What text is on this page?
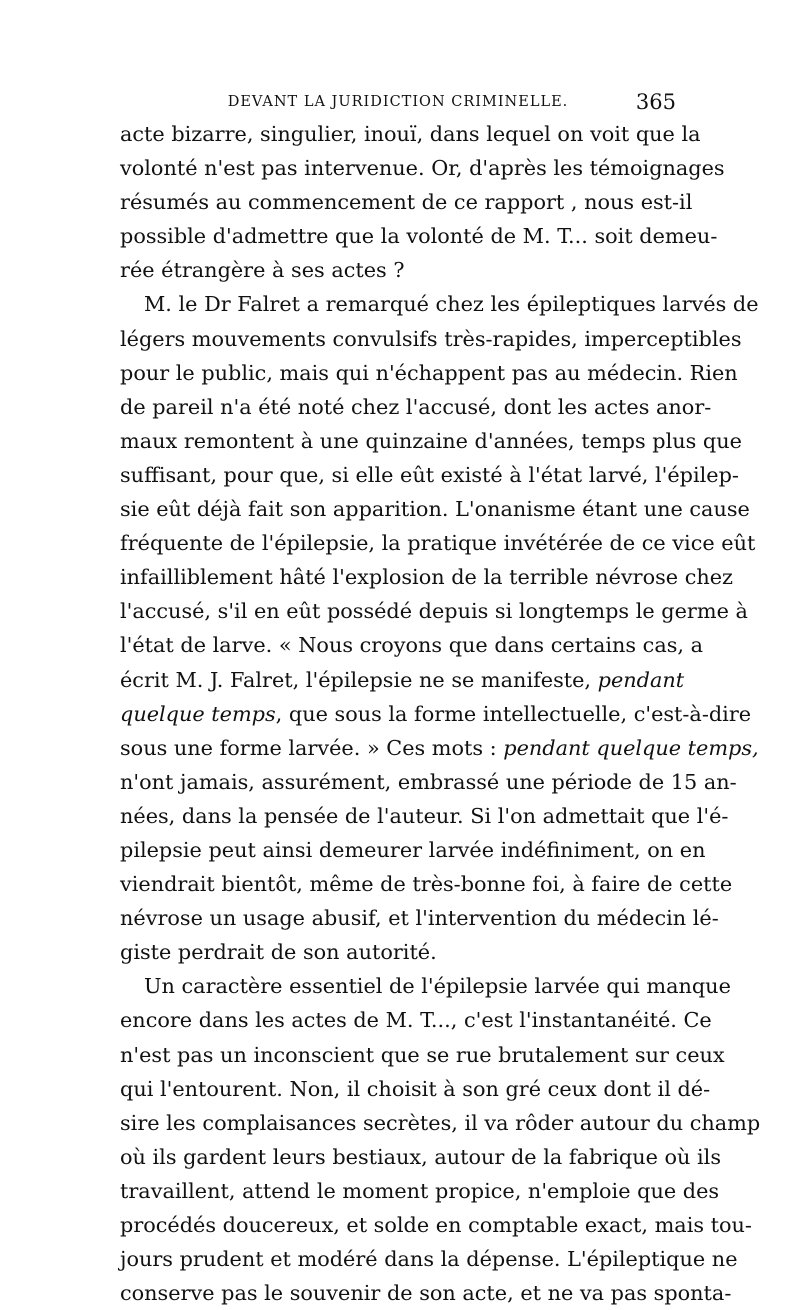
DEVANT LA JURIDICTION CRIMINELLE.	365
acte bizarre, singulier, inouï, dans lequel on voit que la
volonté n'est pas intervenue. Or, d'après les témoignages
résumés au commencement de ce rapport , nous est-il
possible d'admettre que la volonté de M. T... soit demeu-
rée étrangère à ses actes ?
M. le Dr Falret a remarqué chez les épileptiques larvés de
légers mouvements convulsifs très-rapides, imperceptibles
pour le public, mais qui n'échappent pas au médecin. Rien
de pareil n'a été noté chez l'accusé, dont les actes anor-
maux remontent à une quinzaine d'années, temps plus que
suffisant, pour que, si elle eût existé à l'état larvé, l'épilep-
sie eût déjà fait son apparition. L'onanisme étant une cause
fréquente de l'épilepsie, la pratique invétérée de ce vice eût
infailliblement hâté l'explosion de la terrible névrose chez
l'accusé, s'il en eût possédé depuis si longtemps le germe à
l'état de larve. « Nous croyons que dans certains cas, a
écrit M. J. Falret, l'épilepsie ne se manifeste, pendant
quelque temps, que sous la forme intellectuelle, c'est-à-dire
sous une forme larvée. » Ces mots : pendant quelque temps,
n'ont jamais, assurément, embrassé une période de 15 an-
nées, dans la pensée de l'auteur. Si l'on admettait que l'é-
pilepsie peut ainsi demeurer larvée indéfiniment, on en
viendrait bientôt, même de très-bonne foi, à faire de cette
névrose un usage abusif, et l'intervention du médecin lé-
giste perdrait de son autorité.
Un caractère essentiel de l'épilepsie larvée qui manque
encore dans les actes de M. T..., c'est l'instantanéité. Ce
n'est pas un inconscient que se rue brutalement sur ceux
qui l'entourent. Non, il choisit à son gré ceux dont il dé-
sire les complaisances secrètes, il va rôder autour du champ
où ils gardent leurs bestiaux, autour de la fabrique où ils
travaillent, attend le moment propice, n'emploie que des
procédés doucereux, et solde en comptable exact, mais tou-
jours prudent et modéré dans la dépense. L'épileptique ne
conserve pas le souvenir de son acte, et ne va pas sponta-
